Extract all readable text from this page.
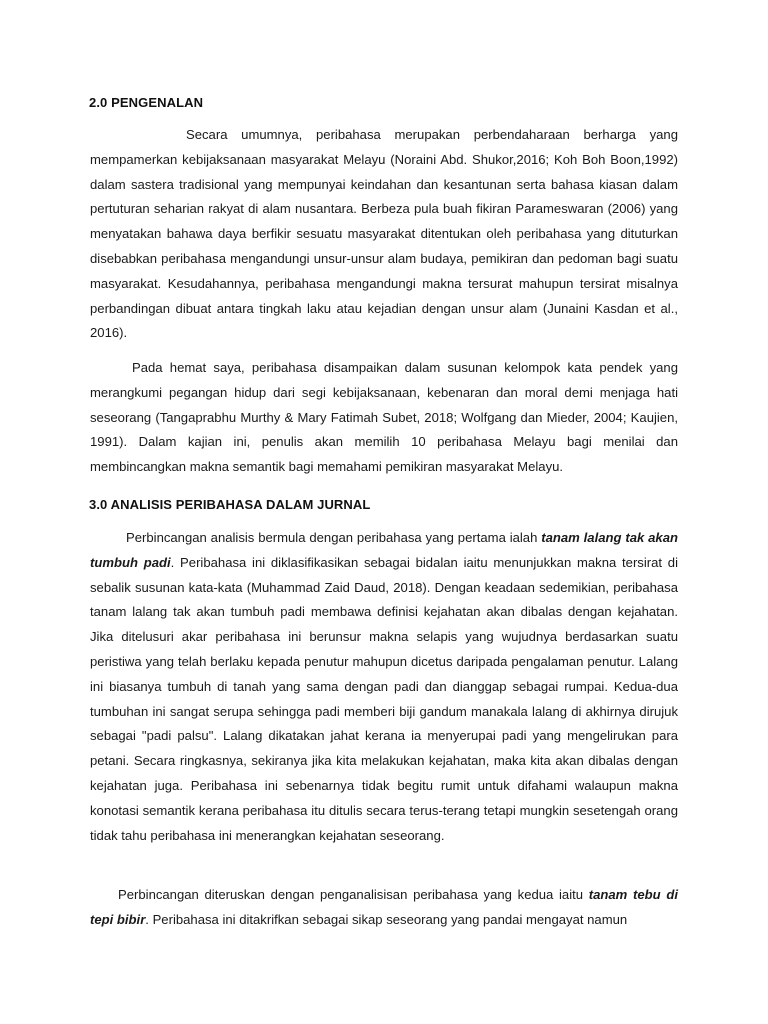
2.0 PENGENALAN
Secara umumnya, peribahasa merupakan perbendaharaan berharga yang mempamerkan kebijaksanaan masyarakat Melayu (Noraini Abd. Shukor,2016; Koh Boh Boon,1992) dalam sastera tradisional yang mempunyai keindahan dan kesantunan serta bahasa kiasan dalam pertuturan seharian rakyat di alam nusantara. Berbeza pula buah fikiran Parameswaran (2006) yang menyatakan bahawa daya berfikir sesuatu masyarakat ditentukan oleh peribahasa yang dituturkan disebabkan peribahasa mengandungi unsur-unsur alam budaya, pemikiran dan pedoman bagi suatu masyarakat. Kesudahannya, peribahasa mengandungi makna tersurat mahupun tersirat misalnya perbandingan dibuat antara tingkah laku atau kejadian dengan unsur alam (Junaini Kasdan et al., 2016).
Pada hemat saya, peribahasa disampaikan dalam susunan kelompok kata pendek yang merangkumi pegangan hidup dari segi kebijaksanaan, kebenaran dan moral demi menjaga hati seseorang (Tangaprabhu Murthy & Mary Fatimah Subet, 2018; Wolfgang dan Mieder, 2004; Kaujien, 1991). Dalam kajian ini, penulis akan memilih 10 peribahasa Melayu bagi menilai dan membincangkan makna semantik bagi memahami pemikiran masyarakat Melayu.
3.0 ANALISIS PERIBAHASA DALAM JURNAL
Perbincangan analisis bermula dengan peribahasa yang pertama ialah tanam lalang tak akan tumbuh padi. Peribahasa ini diklasifikasikan sebagai bidalan iaitu menunjukkan makna tersirat di sebalik susunan kata-kata (Muhammad Zaid Daud, 2018). Dengan keadaan sedemikian, peribahasa tanam lalang tak akan tumbuh padi membawa definisi kejahatan akan dibalas dengan kejahatan. Jika ditelusuri akar peribahasa ini berunsur makna selapis yang wujudnya berdasarkan suatu peristiwa yang telah berlaku kepada penutur mahupun dicetus daripada pengalaman penutur. Lalang ini biasanya tumbuh di tanah yang sama dengan padi dan dianggap sebagai rumpai. Kedua-dua tumbuhan ini sangat serupa sehingga padi memberi biji gandum manakala lalang di akhirnya dirujuk sebagai "padi palsu". Lalang dikatakan jahat kerana ia menyerupai padi yang mengelirukan para petani. Secara ringkasnya, sekiranya jika kita melakukan kejahatan, maka kita akan dibalas dengan kejahatan juga. Peribahasa ini sebenarnya tidak begitu rumit untuk difahami walaupun makna konotasi semantik kerana peribahasa itu ditulis secara terus-terang tetapi mungkin sesetengah orang tidak tahu peribahasa ini menerangkan kejahatan seseorang.
Perbincangan diteruskan dengan penganalisisan peribahasa yang kedua iaitu tanam tebu di tepi bibir. Peribahasa ini ditakrifkan sebagai sikap seseorang yang pandai mengayat namun
